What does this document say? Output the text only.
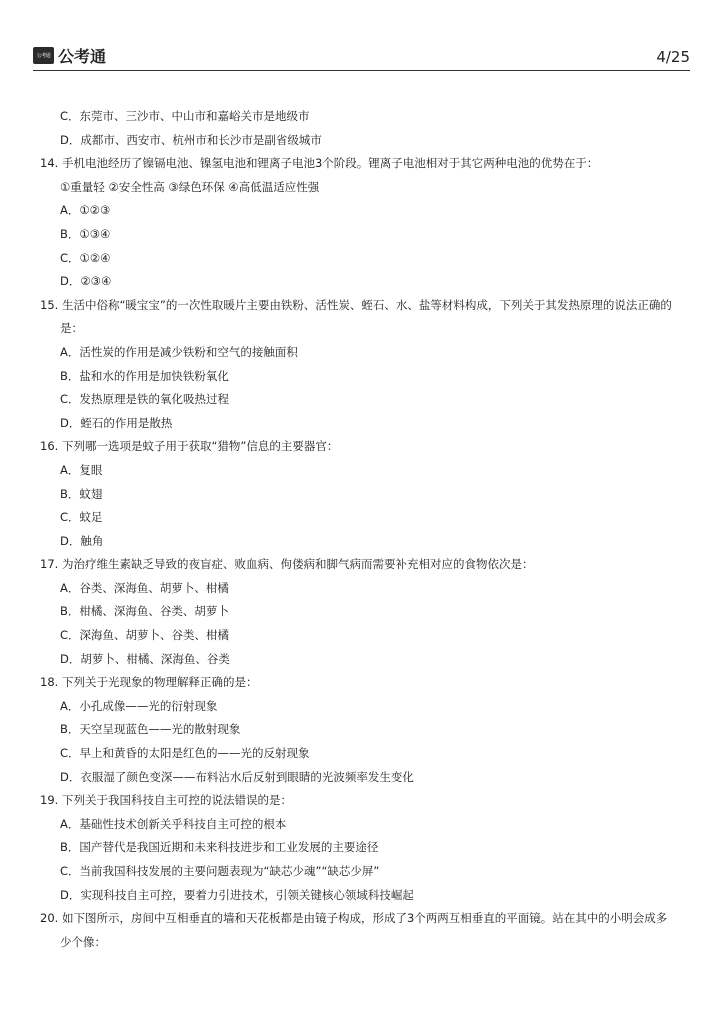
公考通 公考通	4/25
C．东莞市、三沙市、中山市和嘉峪关市是地级市
D．成都市、西安市、杭州市和长沙市是副省级城市
14. 手机电池经历了镍镉电池、镍氢电池和锂离子电池3个阶段。锂离子电池相对于其它两种电池的优势在于：
①重量轻 ②安全性高 ③绿色环保 ④高低温适应性强
A．①②③
B．①③④
C．①②④
D．②③④
15. 生活中俗称“暖宝宝”的一次性取暖片主要由铁粉、活性炭、蛭石、水、盐等材料构成，下列关于其发热原理的说法正确的
是：
A．活性炭的作用是减少铁粉和空气的接触面积
B．盐和水的作用是加快铁粉氧化
C．发热原理是铁的氧化吸热过程
D．蛭石的作用是散热
16. 下列哪一选项是蚊子用于获取“猎物”信息的主要器官：
A．复眼
B．蚊翅
C．蚊足
D．触角
17. 为治疗维生素缺乏导致的夜盲症、败血病、佝偻病和脚气病而需要补充相对应的食物依次是：
A．谷类、深海鱼、胡萝卜、柑橘
B．柑橘、深海鱼、谷类、胡萝卜
C．深海鱼、胡萝卜、谷类、柑橘
D．胡萝卜、柑橘、深海鱼、谷类
18. 下列关于光现象的物理解释正确的是：
A．小孔成像——光的衍射现象
B．天空呈现蓝色——光的散射现象
C．早上和黄昏的太阳是红色的——光的反射现象
D．衣服湿了颜色变深——布料沾水后反射到眼睛的光波频率发生变化
19. 下列关于我国科技自主可控的说法错误的是：
A．基础性技术创新关乎科技自主可控的根本
B．国产替代是我国近期和未来科技进步和工业发展的主要途径
C．当前我国科技发展的主要问题表现为“缺芯少魂”“缺芯少屏”
D．实现科技自主可控，要着力引进技术，引领关键核心领域科技崛起
20. 如下图所示，房间中互相垂直的墙和天花板都是由镜子构成，形成了3个两两互相垂直的平面镜。站在其中的小明会成多
少个像：
